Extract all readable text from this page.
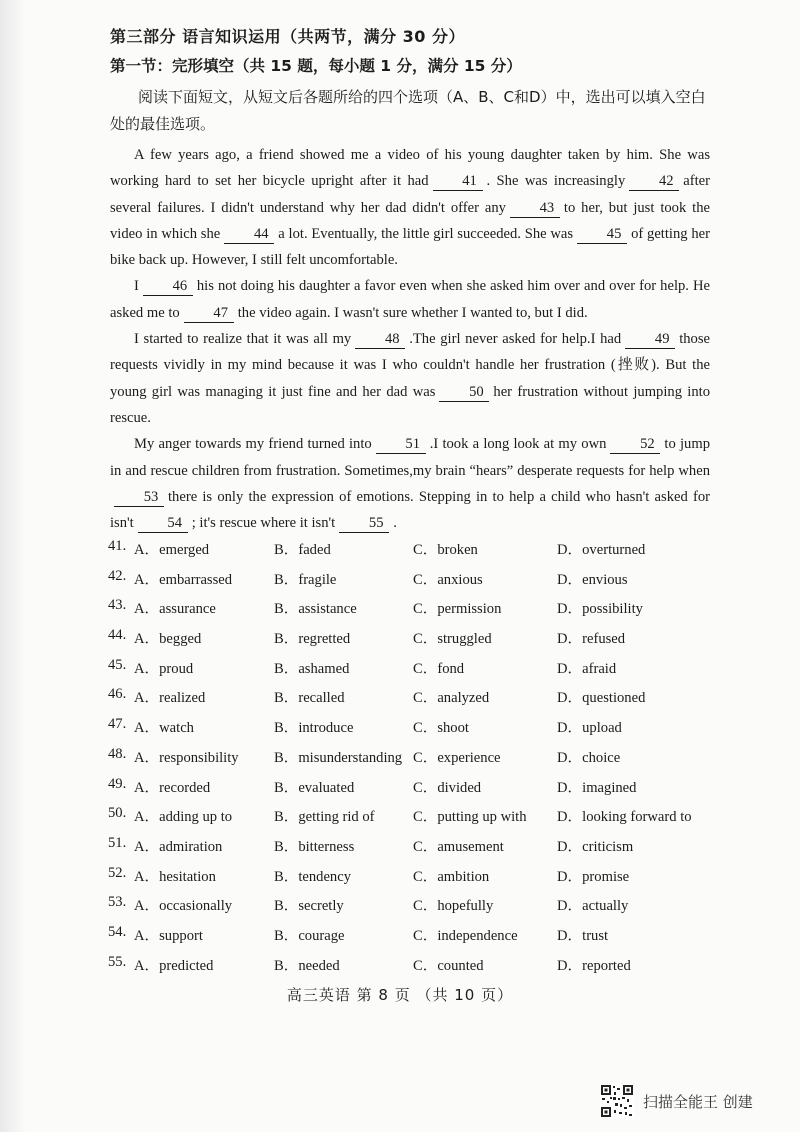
第三部分 语言知识运用（共两节，满分 30 分）
第一节：完形填空（共 15 题，每小题 1 分，满分 15 分）
阅读下面短文，从短文后各题所给的四个选项（A、B、C和D）中，选出可以填入空白处的最佳选项。

A few years ago, a friend showed me a video of his young daughter taken by him. She was working hard to set her bicycle upright after it had 41 . She was increasingly 42 after several failures. I didn't understand why her dad didn't offer any 43 to her, but just took the video in which she 44 a lot. Eventually, the little girl succeeded. She was 45 of getting her bike back up. However, I still felt uncomfortable.

I 46 his not doing his daughter a favor even when she asked him over and over for help. He asked me to 47 the video again. I wasn't sure whether I wanted to, but I did.

I started to realize that it was all my 48 .The girl never asked for help.I had 49 those requests vividly in my mind because it was I who couldn't handle her frustration (挫败). But the young girl was managing it just fine and her dad was 50 her frustration without jumping into rescue.

My anger towards my friend turned into 51 .I took a long look at my own 52 to jump in and rescue children from frustration. Sometimes,my brain “hears” desperate requests for help when53 there is only the expression of emotions. Stepping in to help a child who hasn't asked for isn't 54 ; it's rescue where it isn't 55 .

41. A．emerged	B．faded	C．broken	D．overturned
42. A．embarrassed	B．fragile	C．anxious	D．envious
43. A．assurance	B．assistance	C．permission	D．possibility
44. A．begged	B．regretted	C．struggled	D．refused
45. A．proud	B．ashamed	C．fond	D．afraid
46. A．realized	B．recalled	C．analyzed	D．questioned
47. A．watch	B．introduce	C．shoot	D．upload
48. A．responsibility B．misunderstanding C．experience	D．choice
49. A．recorded	B．evaluated	C．divided	D．imagined
50. A．adding up to	B．getting rid of	C．putting up with D．looking forward to
51. A．admiration	B．bitterness	C．amusement	D．criticism
52. A．hesitation	B．tendency	C．ambition	D．promise
53. A．occasionally	B．secretly	C．hopefully	D．actually
54. A．support	B．courage	C．independence	D．trust
55. A．predicted	B．needed	C．counted	D．reported
高三英语 第 8 页 （共 10 页）
扫描全能王 创建
